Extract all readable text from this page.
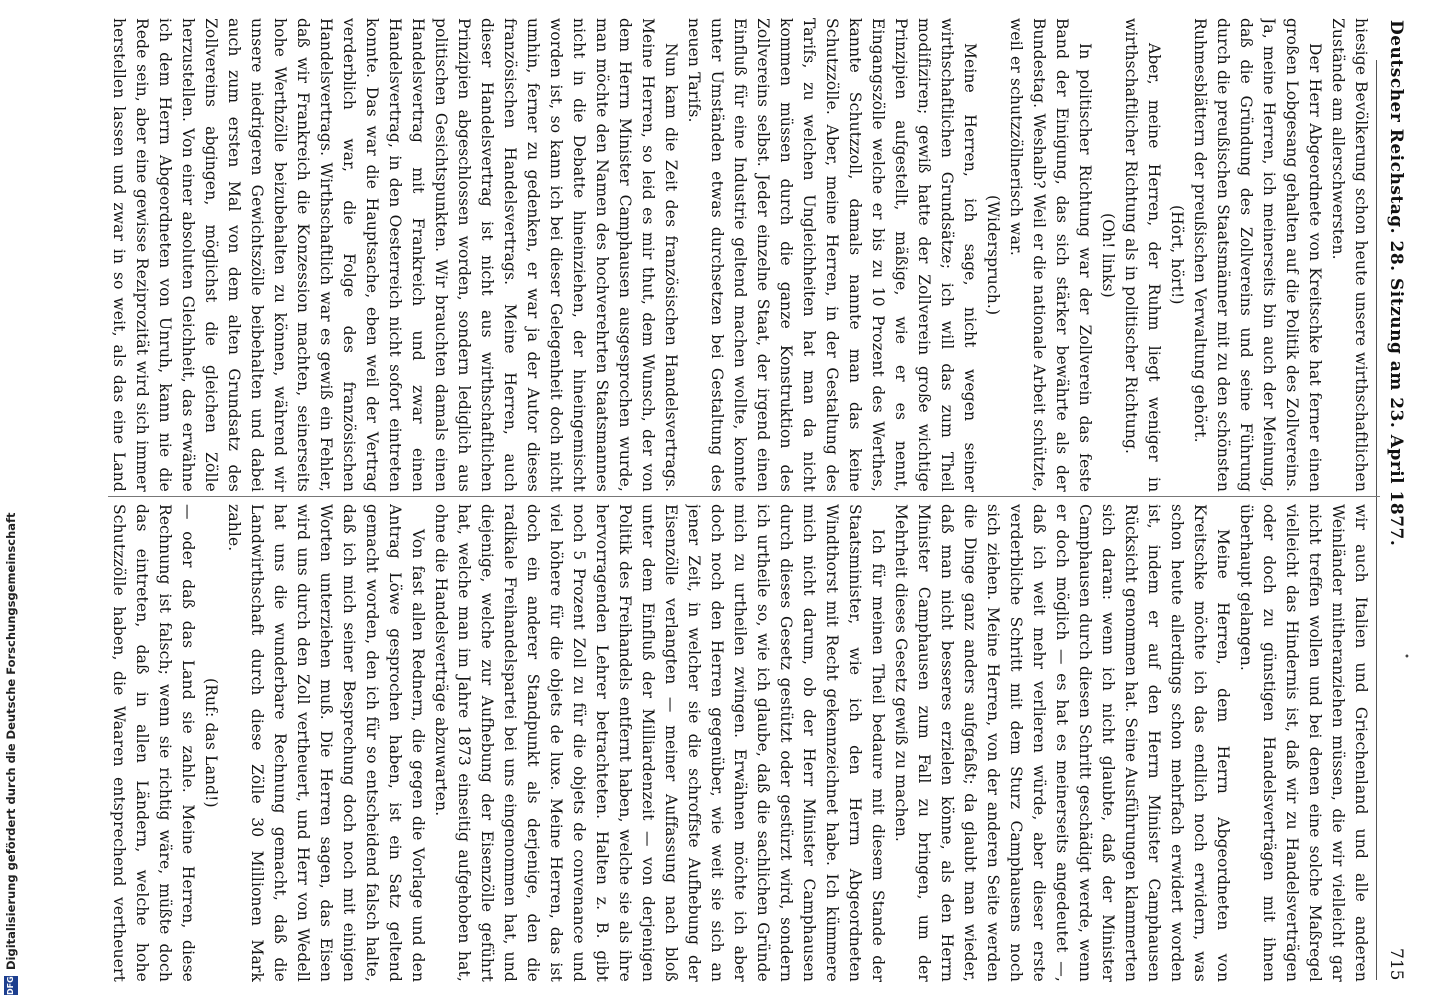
Deutscher Reichstag. 28. Sitzung am 23. April 1877.
715

hiesige Bevölkerung schon heute unsere wirthschaftlichen Zustände am allerschwersten.

Der Herr Abgeordnete von Kreitschke hat ferner einen großen Lobgesang gehalten auf die Politik des Zollvereins. Ja, meine Herren, ich meinerseits bin auch der Meinung, daß die Gründung des Zollvereins und seine Führung durch die preußischen Staatsmänner mit zu den schönsten Ruhmesblättern der preußischen Verwaltung gehört.

(Hört, hört!)

Aber, meine Herren, der Ruhm liegt weniger in wirthschaftlicher Richtung als in politischer Richtung.

(Oh! links)

In politischer Richtung war der Zollverein das feste Band der Einigung, das sich stärker bewährte als der Bundestag. Weshalb? Weil er die nationale Arbeit schützte, weil er schutzzöllnerisch war.

(Widerspruch.)

Meine Herren, ich sage, nicht wegen seiner wirthschaftlichen Grundsätze; ich will das zum Theil modifiziren; gewiß hatte der Zollverein große wichtige Prinzipien aufgestellt, mäßige, wie er es nennt, Eingangszölle welche er bis zu 10 Prozent des Werthes, kannte Schutzzoll, damals nannte man das keine Schutzzölle. Aber, meine Herren, in der Gestaltung des Tarifs, zu welchen Ungleichheiten hat man da nicht kommen müssen durch die ganze Konstruktion des Zollvereins selbst. Jeder einzelne Staat, der irgend einen Einfluß für eine Industrie geltend machen wollte, konnte unter Umständen etwas durchsetzen bei Gestaltung des neuen Tarifs.

Nun kam die Zeit des französischen Handelsvertrags. Meine Herren, so leid es mir thut, dem Wunsch, der von dem Herrn Minister Camphausen ausgesprochen wurde, man möchte den Namen des hochverehrten Staatsmannes nicht in die Debatte hineinziehen, der hineingemischt worden ist, so kann ich bei dieser Gelegenheit doch nicht umhin, ferner zu gedenken, er war ja der Autor dieses französischen Handelsvertrags. Meine Herren, auch dieser Handelsvertrag ist nicht aus wirthschaftlichen Prinzipien abgeschlossen worden, sondern lediglich aus politischen Gesichtspunkten. Wir brauchten damals einen Handelsvertrag mit Frankreich und zwar einen Handelsvertrag, in den Oesterreich nicht sofort eintreten konnte. Das war die Hauptsache, eben weil der Vertrag verderblich war, die Folge des französischen Handelsvertrags. Wirthschaftlich war es gewiß ein Fehler, daß wir Frankreich die Konzession machten, seinerseits hohe Werthzölle beizubehalten zu können, während wir unsere niedrigeren Gewichtszölle beibehalten und dabei auch zum ersten Mal von dem alten Grundsatz des Zollvereins abgingen, möglichst die gleichen Zölle herzustellen. Von einer absoluten Gleichheit, das erwähne ich dem Herrn Abgeordneten von Unruh, kann nie die Rede sein, aber eine gewisse Reziprozität wird sich immer herstellen lassen und zwar in so weit, als das eine Land

wir auch Italien und Griechenland und alle anderen Weinländer mitheranziehen müssen, die wir vielleicht gar nicht treffen wollen und bei denen eine solche Maßregel vielleicht das Hindernis ist, daß wir zu Handelsverträgen oder doch zu günstigen Handelsverträgen mit ihnen überhaupt gelangen.

Meine Herren, dem Herrn Abgeordneten von Kreitschke möchte ich das endlich noch erwidern, was schon heute allerdings schon mehrfach erwidert worden ist, indem er auf den Herrn Minister Camphausen Rücksicht genommen hat. Seine Ausführungen klammerten sich daran: wenn ich nicht glaubte, daß der Minister Camphausen durch diesen Schritt geschädigt werde, wenn er doch möglich — es hat es meinerseits angedeutet —, daß ich weit mehr verlieren würde, aber dieser erste verderbliche Schritt mit dem Sturz Camphausens noch sich ziehen. Meine Herren, von der anderen Seite werden die Dinge ganz anders aufgefaßt; da glaubt man wieder, daß man nicht besseres erzielen könne, als den Herrn Minister Camphausen zum Fall zu bringen, um der Mehrheit dieses Gesetz gewiß zu machen.

Ich für meinen Theil bedaure mit diesem Stande der Staatsminister, wie ich den Herrn Abgeordneten Windthorst mit Recht gekennzeichnet habe. Ich kümmere mich nicht darum, ob der Herr Minister Camphausen durch dieses Gesetz gestützt oder gestürzt wird, sondern ich urtheile so, wie ich glaube, daß die sachlichen Gründe mich zu urtheilen zwingen. Erwähnen möchte ich aber doch noch den Herren gegenüber, wie weit sie sich an jener Zeit, in welcher sie die schroffste Aufhebung der Eisenzölle verlangten — meiner Auffassung nach bloß unter dem Einfluß der Milliardenzeit — von derjenigen Politik des Freihandels entfernt haben, welche sie als ihre hervorragenden Lehrer betrachteten. Halten z. B. gibt noch 5 Prozent Zoll zu für die objets de convenance und viel höhere für die objets de luxe. Meine Herren, das ist doch ein anderer Standpunkt als derjenige, den die radikale Freihandelspartei bei uns eingenommen hat, und diejenige, welche zur Aufhebung der Eisenzölle geführt hat, welche man im Jahre 1873 einseitig aufgehoben hat, ohne die Handelsverträge abzuwarten.

Von fast allen Rednern, die gegen die Vorlage und den Antrag Löwe gesprochen haben, ist ein Satz geltend gemacht worden, den ich für so entscheidend falsch halte, daß ich mich seiner Besprechung doch noch mit einigen Worten unterziehen muß. Die Herren sagen, das Eisen wird uns durch den Zoll vertheuert, und Herr von Wedell hat uns die wunderbare Rechnung gemacht, daß die Landwirthschaft durch diese Zölle 30 Millionen Mark zahle.

(Ruf: das Land!)

— oder daß das Land sie zahle. Meine Herren, diese Rechnung ist falsch; wenn sie richtig wäre, müßte doch das eintreten, daß in allen Ländern, welche hohe Schutzzölle haben, die Waaren entsprechend vertheuert

•
DFG
Digitalisierung gefördert durch die Deutsche Forschungsgemeinschaft
